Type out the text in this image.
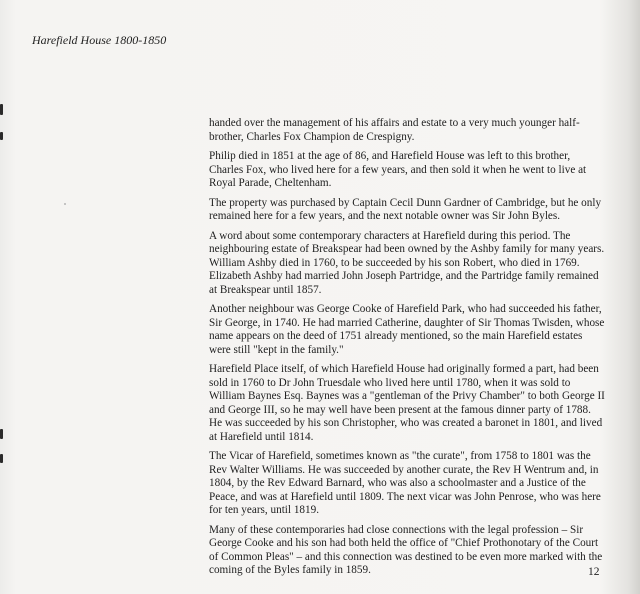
Harefield House 1800-1850

handed over the management of his affairs and estate to a very much younger half-brother, Charles Fox Champion de Crespigny.

Philip died in 1851 at the age of 86, and Harefield House was left to this brother, Charles Fox, who lived here for a few years, and then sold it when he went to live at Royal Parade, Cheltenham.

The property was purchased by Captain Cecil Dunn Gardner of Cambridge, but he only remained here for a few years, and the next notable owner was Sir John Byles.

A word about some contemporary characters at Harefield during this period. The neighbouring estate of Breakspear had been owned by the Ashby family for many years. William Ashby died in 1760, to be succeeded by his son Robert, who died in 1769. Elizabeth Ashby had married John Joseph Partridge, and the Partridge family remained at Breakspear until 1857.

Another neighbour was George Cooke of Harefield Park, who had succeeded his father, Sir George, in 1740. He had married Catherine, daughter of Sir Thomas Twisden, whose name appears on the deed of 1751 already mentioned, so the main Harefield estates were still "kept in the family."

Harefield Place itself, of which Harefield House had originally formed a part, had been sold in 1760 to Dr John Truesdale who lived here until 1780, when it was sold to William Baynes Esq. Baynes was a "gentleman of the Privy Chamber" to both George II and George III, so he may well have been present at the famous dinner party of 1788. He was succeeded by his son Christopher, who was created a baronet in 1801, and lived at Harefield until 1814.

The Vicar of Harefield, sometimes known as "the curate", from 1758 to 1801 was the Rev Walter Williams. He was succeeded by another curate, the Rev H Wentrum and, in 1804, by the Rev Edward Barnard, who was also a schoolmaster and a Justice of the Peace, and was at Harefield until 1809. The next vicar was John Penrose, who was here for ten years, until 1819.

Many of these contemporaries had close connections with the legal profession – Sir George Cooke and his son had both held the office of "Chief Prothonotary of the Court of Common Pleas" – and this connection was destined to be even more marked with the coming of the Byles family in 1859.	12
